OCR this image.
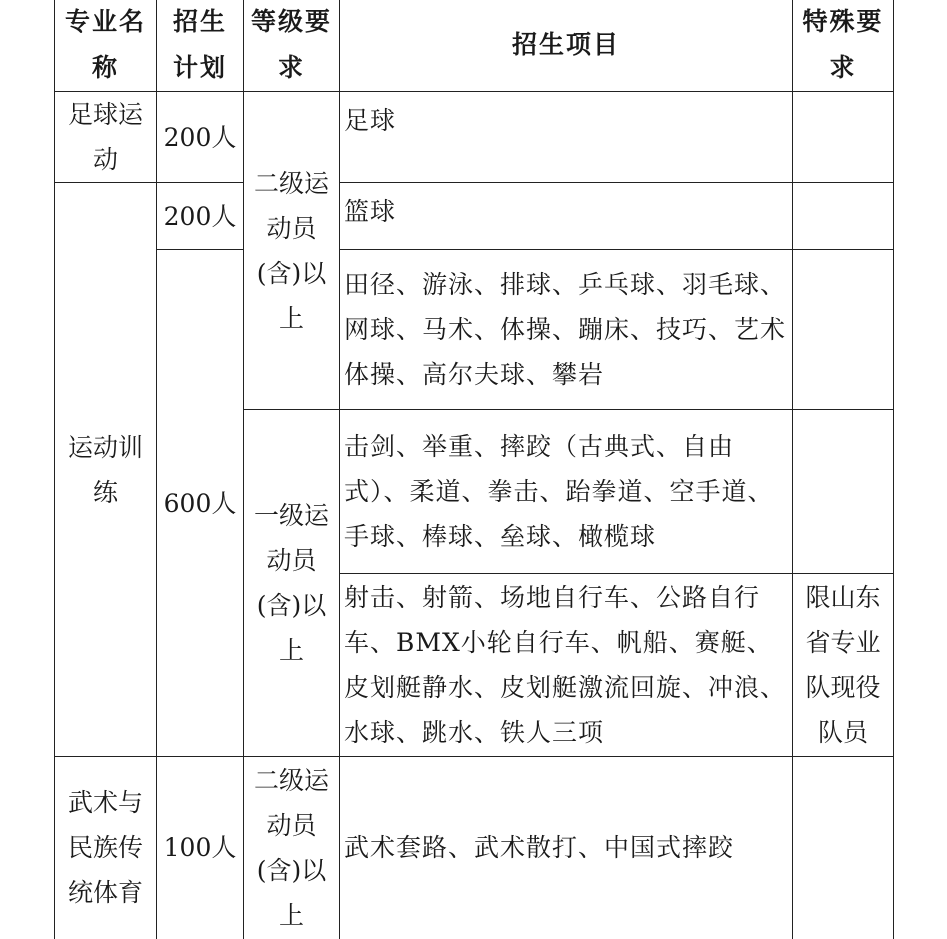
专业名称	招生计划	等级要求	招生项目	特殊要求
足球运动	200人	二级运动员(含)以上	足球	
运动训练	200人		篮球	
	600人		田径、游泳、排球、乒乓球、羽毛球、网球、马术、体操、蹦床、技巧、艺术体操、高尔夫球、攀岩	
		一级运动员(含)以上	击剑、举重、摔跤（古典式、自由式）、柔道、拳击、跆拳道、空手道、手球、棒球、垒球、橄榄球	
			射击、射箭、场地自行车、公路自行车、BMX小轮自行车、帆船、赛艇、皮划艇静水、皮划艇激流回旋、冲浪、水球、跳水、铁人三项	限山东省专业队现役队员
武术与民族传统体育	100人	二级运动员(含)以上	武术套路、武术散打、中国式摔跤	
